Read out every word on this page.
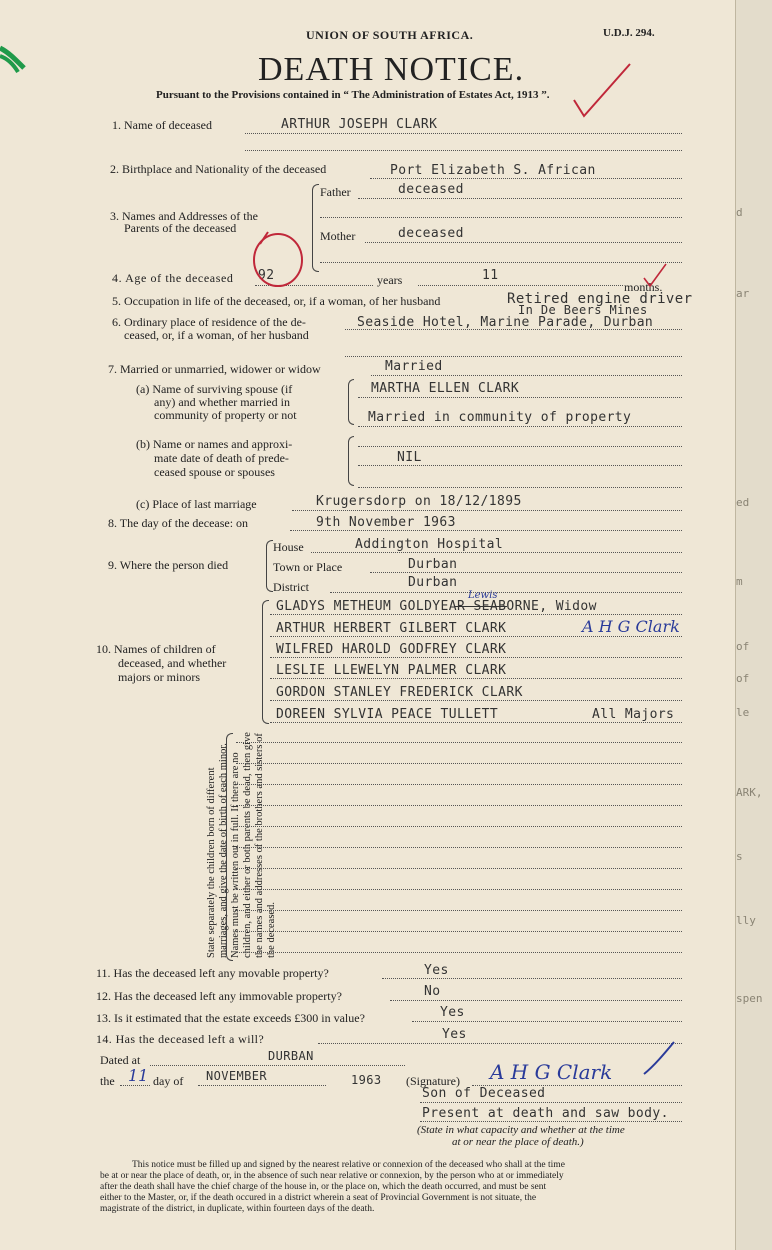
d
ar
ed
m
of
of
le
ARK,
s
lly
spen
UNION OF SOUTH AFRICA.	U.D.J. 294.
DEATH NOTICE.
Pursuant to the Provisions contained in “ The Administration of Estates Act, 1913 ”.
1. Name of deceased	ARTHUR JOSEPH CLARK
2. Birthplace and Nationality of the deceased	Port Elizabeth S. African
3. Names and Addresses of the
Parents of the deceased
Father	deceased
Mother	deceased
4. Age of the deceased 92	years	11
months.
5. Occupation in life of the deceased, or, if a woman, of her husband	Retired engine driver
In De Beers Mines
6. Ordinary place of residence of the de-
ceased, or, if a woman, of her husband
Seaside Hotel, Marine Parade, Durban
7. Married or unmarried, widower or widow	Married
(a) Name of surviving spouse (if
any) and whether married in
community of property or not
MARTHA ELLEN CLARK
Married in community of property
(b) Name or names and approxi-
mate date of death of prede-
ceased spouse or spouses
NIL
(c) Place of last marriage	Krugersdorp on 18/12/1895
8. The day of the decease: on	9th November 1963
9. Where the person died
House	Addington Hospital
Town or Place	Durban
District	Durban
10. Names of children of
deceased, and whether
majors or minors
GLADYS METHEUM GOLDYEAR SEABORNE, Widow
Lewis
ARTHUR HERBERT GILBERT CLARK	A H G Clark
WILFRED HAROLD GODFREY CLARK
LESLIE LLEWELYN PALMER CLARK
GORDON STANLEY FREDERICK CLARK
DOREEN SYLVIA PEACE TULLETT	All Majors
State separately the children born of different marriages, and give the date of birth of each minor. Names must be written out in full. If there are no children, and either or both parents be dead, then give the names and addresses of the brothers and sisters of the deceased.
11. Has the deceased left any movable property?	Yes
12. Has the deceased left any immovable property?	No
13. Is it estimated that the estate exceeds £300 in value?	Yes
14. Has the deceased left a will?	Yes
Dated at	DURBAN
the 11 day of NOVEMBER	1963 (Signature) A H G Clark
Son of Deceased
Present at death and saw body.
(State in what capacity and whether at the time
at or near the place of death.)
This notice must be filled up and signed by the nearest relative or connexion of the deceased who shall at the time
be at or near the place of death, or, in the absence of such near relative or connexion, by the person who at or immediately
after the death shall have the chief charge of the house in, or the place on, which the death occurred, and must be sent
either to the Master, or, if the death occured in a district wherein a seat of Provincial Government is not situate, the
magistrate of the district, in duplicate, within fourteen days of the death.
